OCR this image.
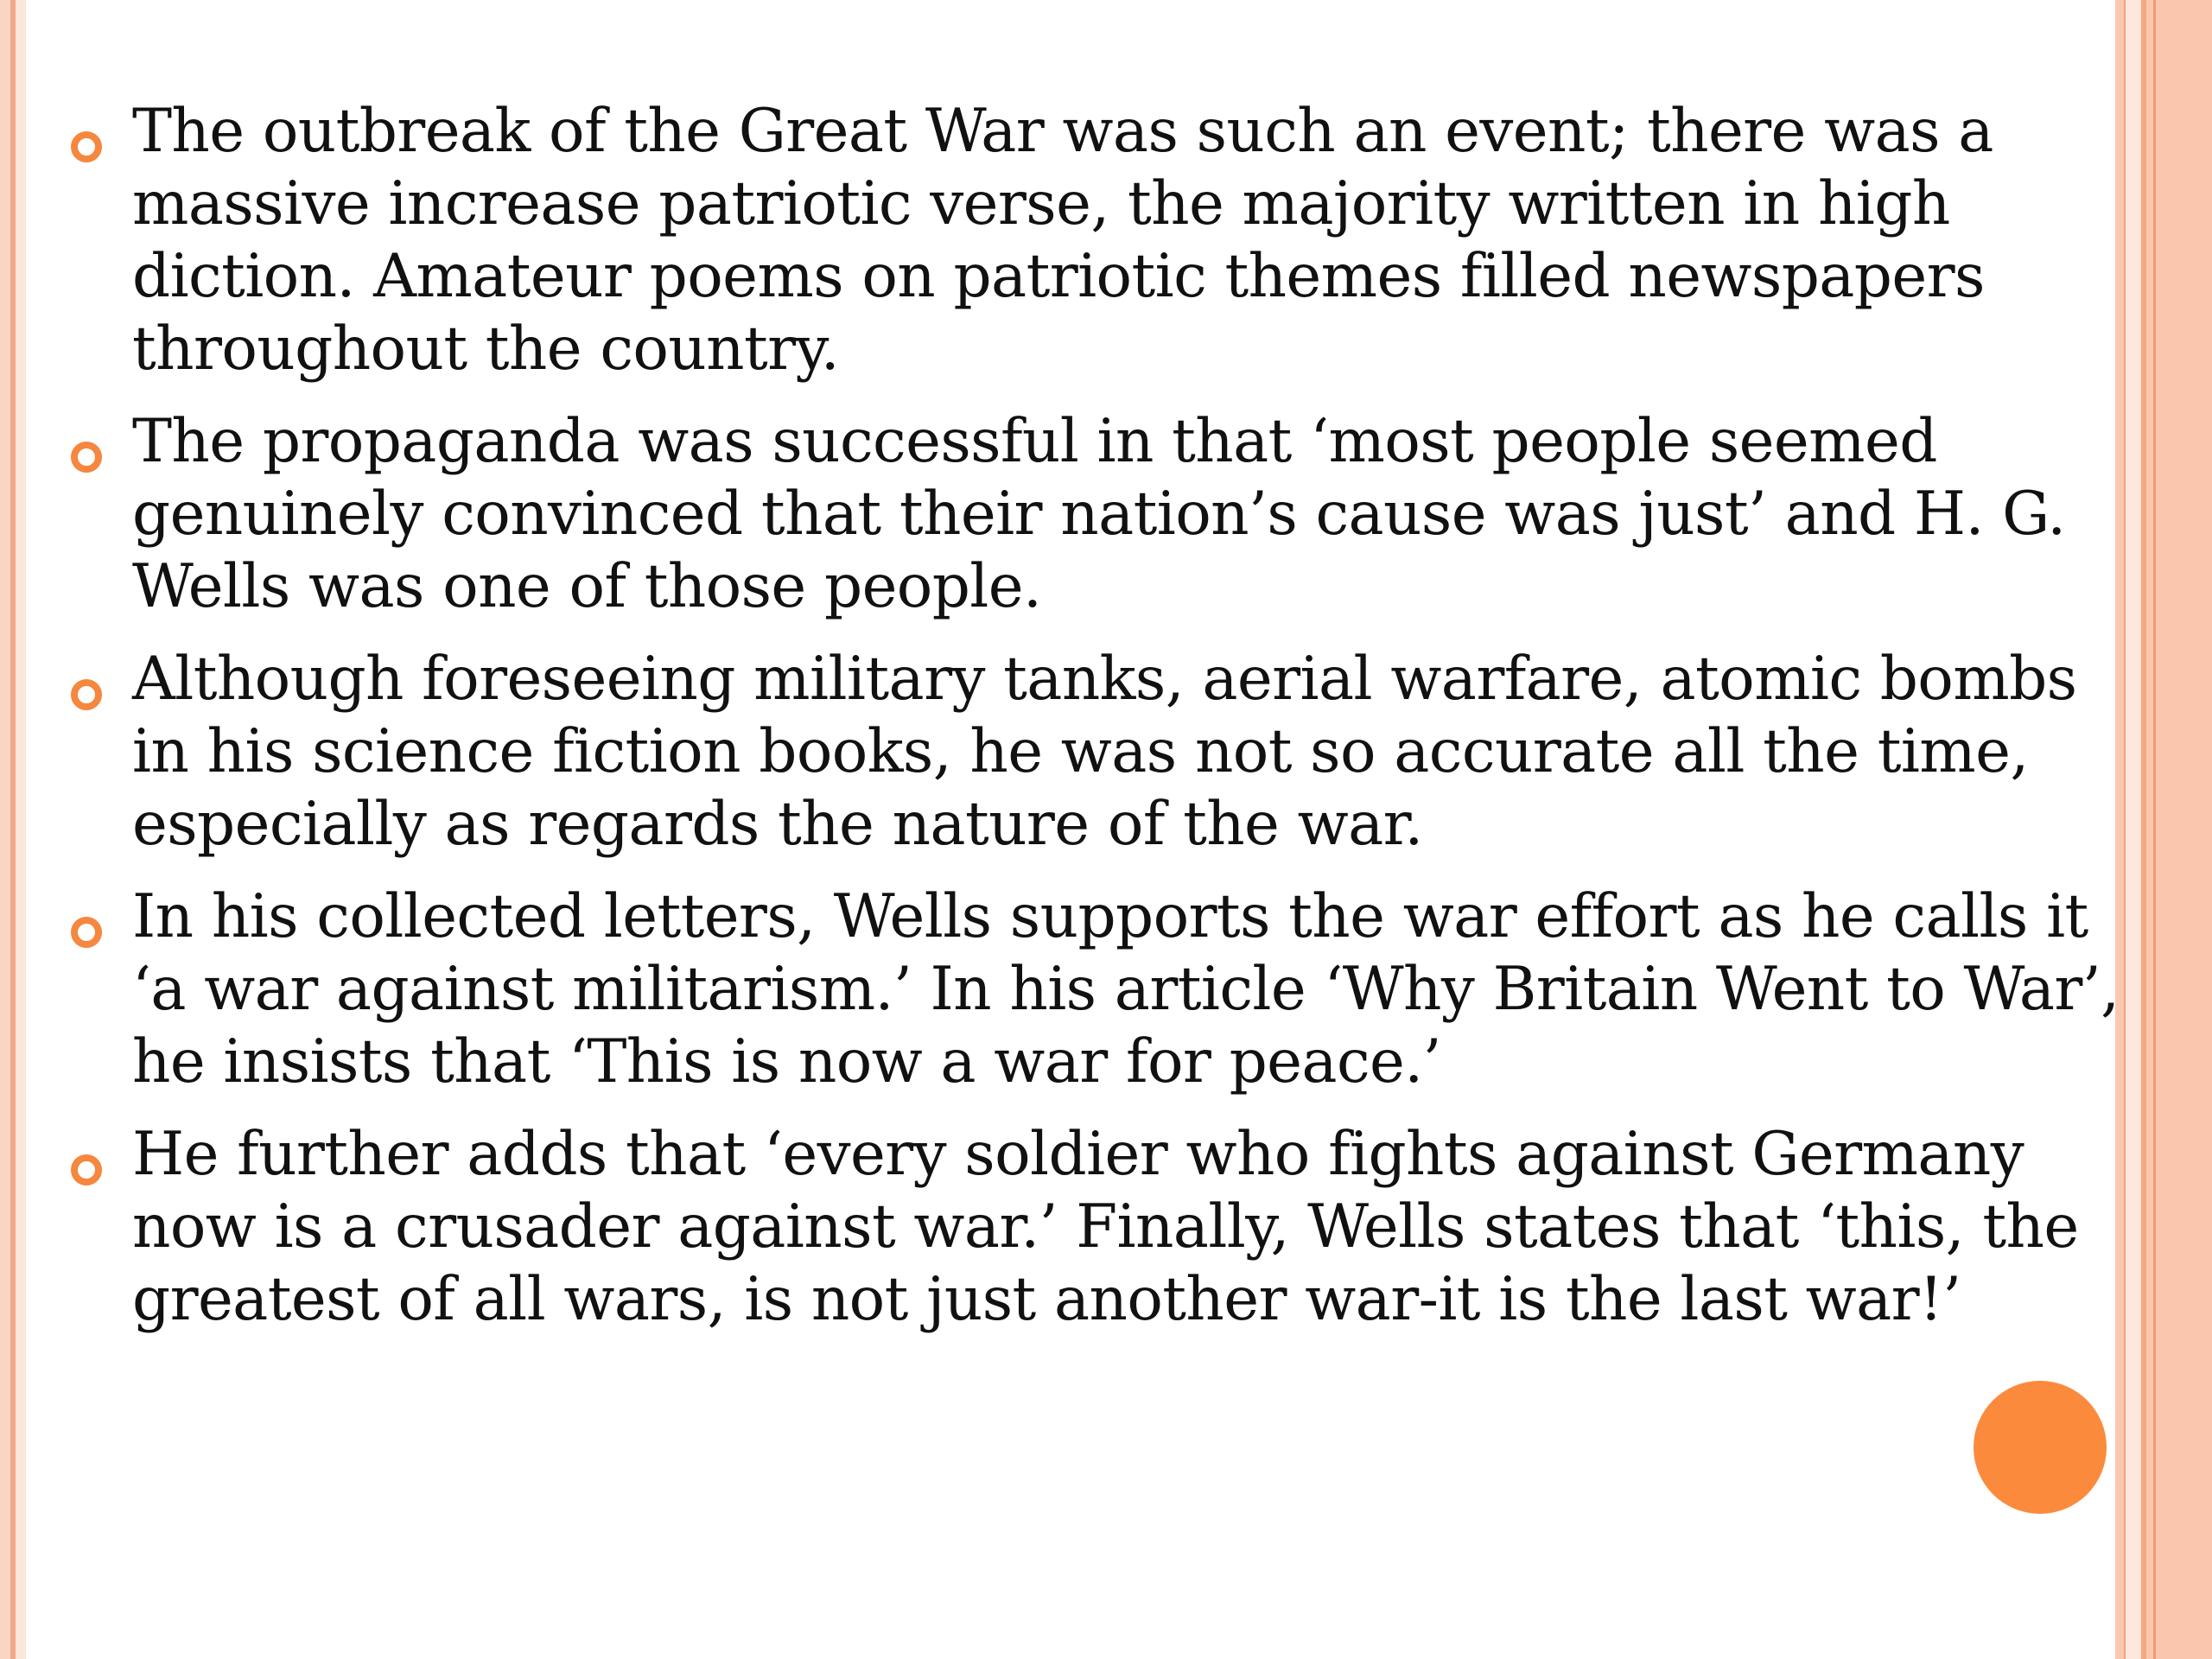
The outbreak of the Great War was such an event; there was a massive increase patriotic verse, the majority written in high diction. Amateur poems on patriotic themes filled newspapers throughout the country.
The propaganda was successful in that ‘most people seemed genuinely convinced that their nation’s cause was just’ and H. G. Wells was one of those people.
Although foreseeing military tanks, aerial warfare, atomic bombs in his science fiction books, he was not so accurate all the time, especially as regards the nature of the war.
In his collected letters, Wells supports the war effort as he calls it ‘a war against militarism.’ In his article ‘Why Britain Went to War’, he insists that ‘This is now a war for peace.’
He further adds that ‘every soldier who fights against Germany now is a crusader against war.’ Finally, Wells states that ‘this, the greatest of all wars, is not just another war-it is the last war!’
